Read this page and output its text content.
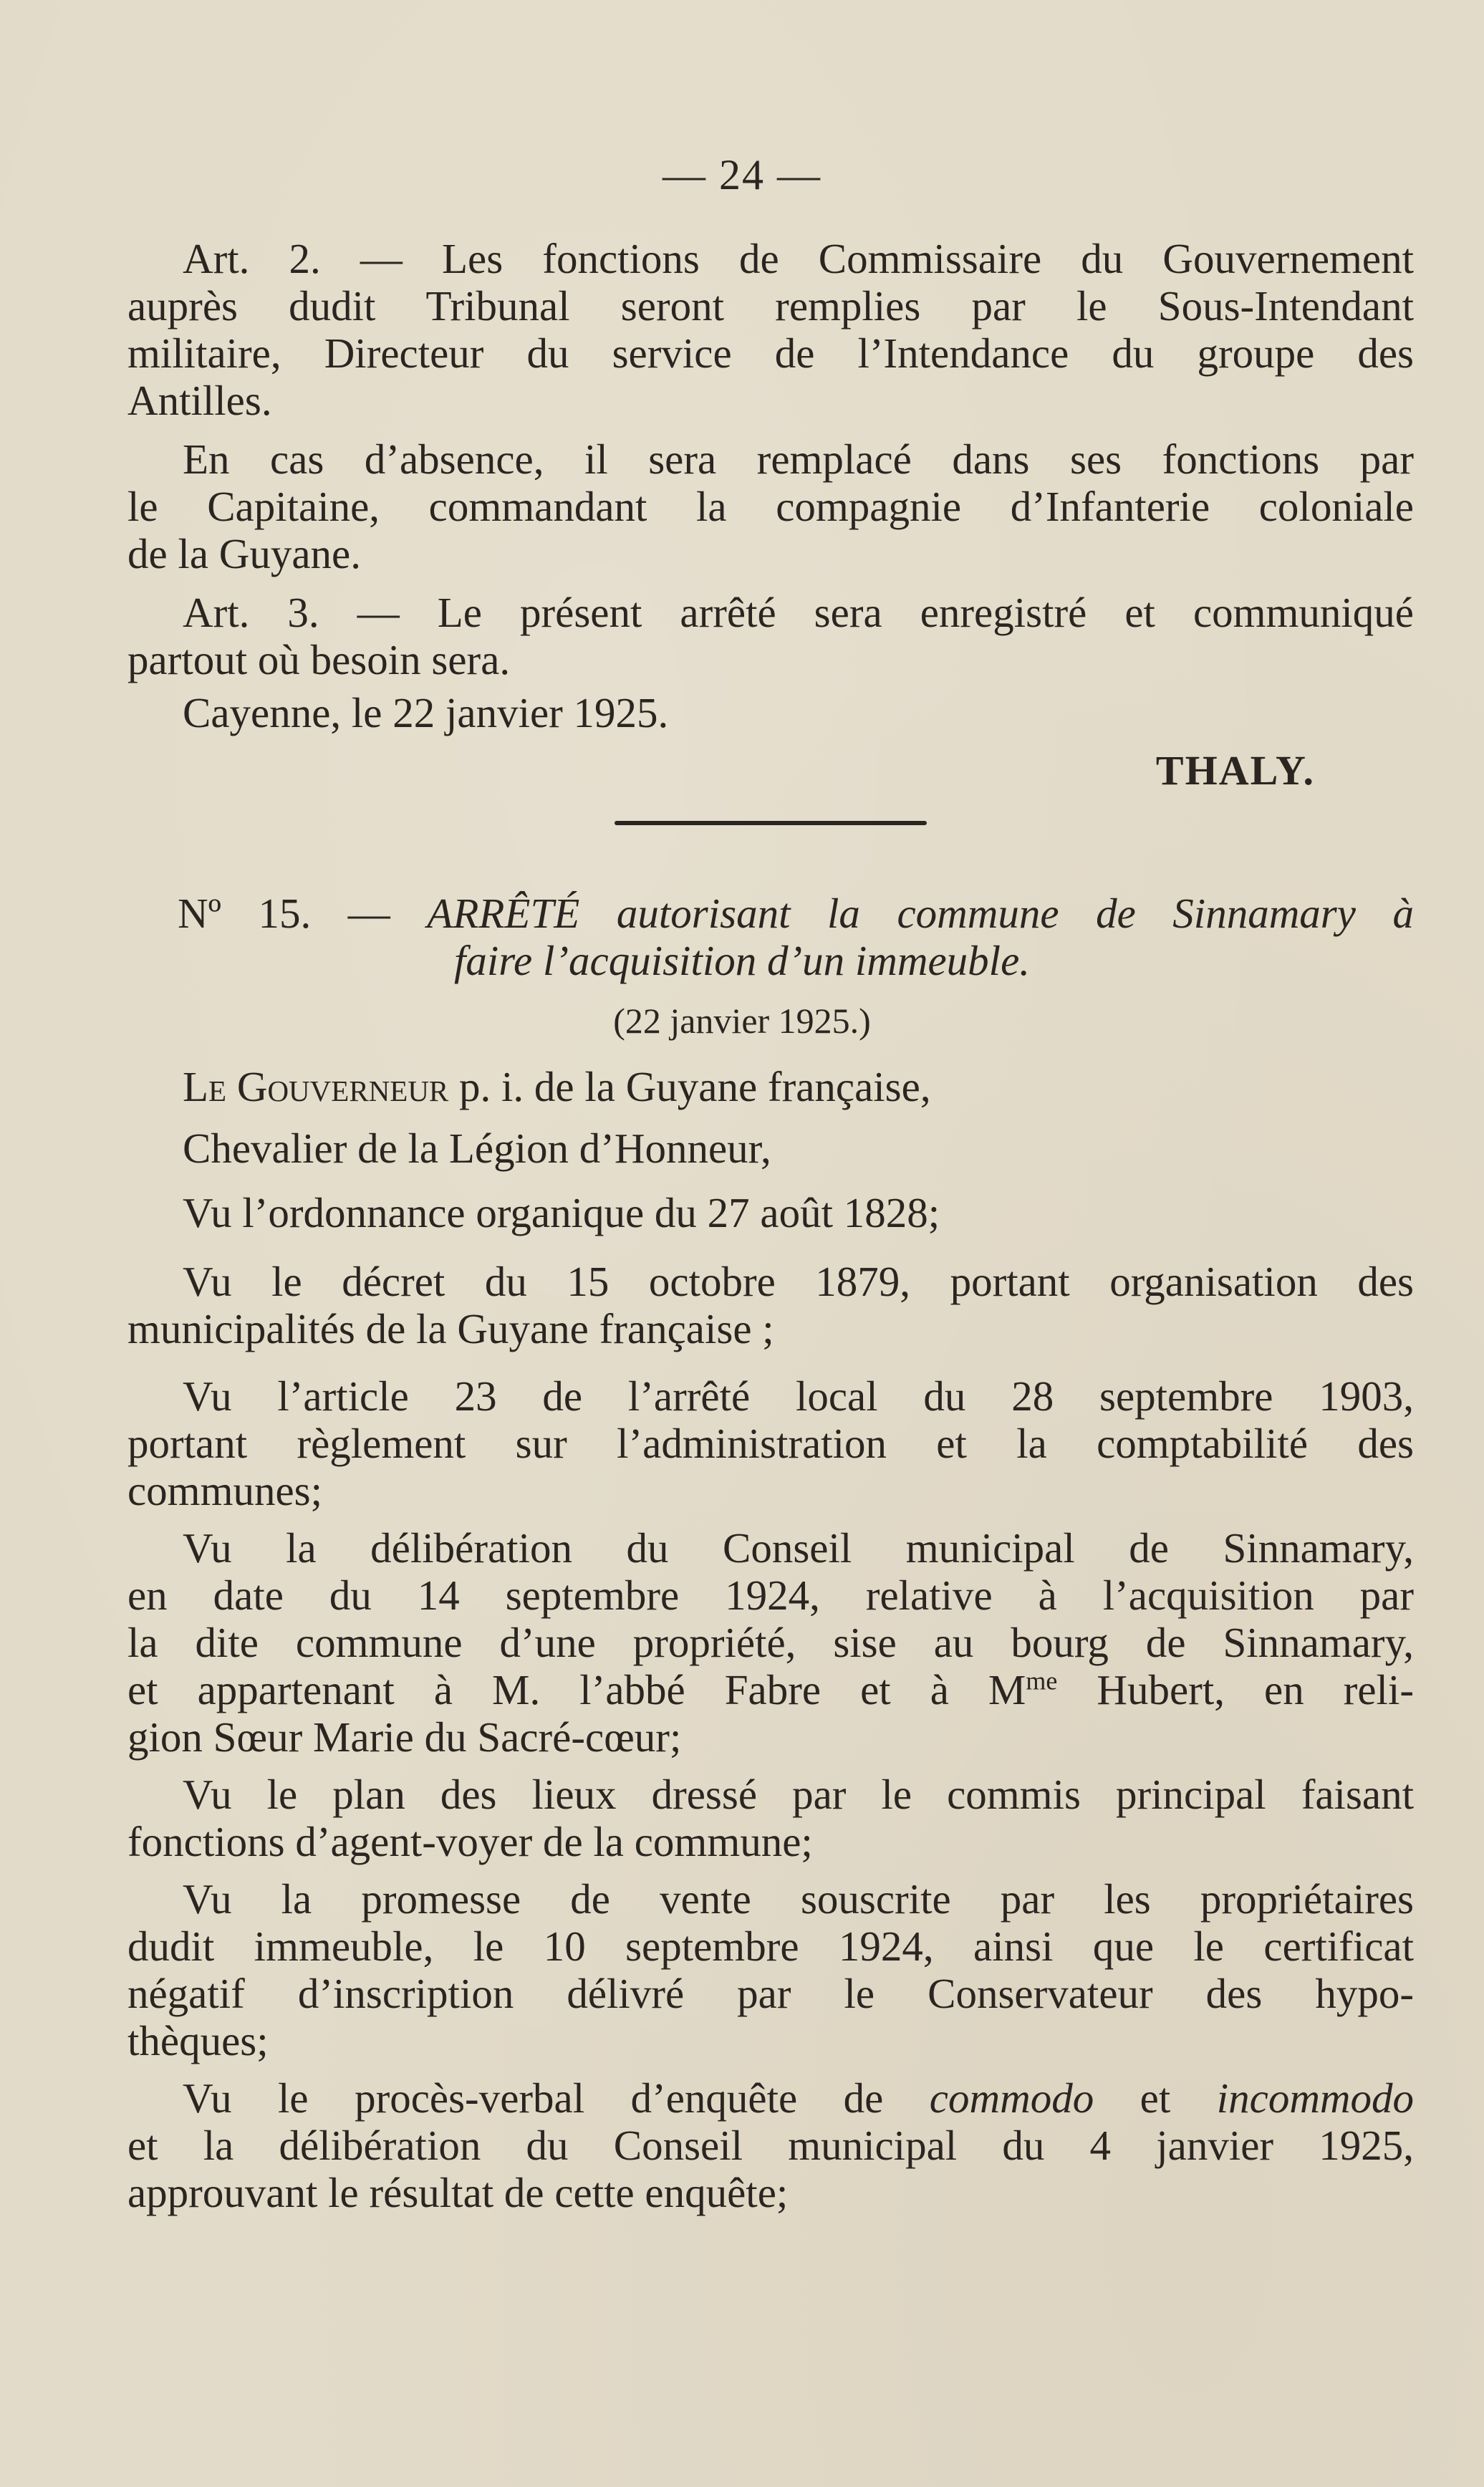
— 24 —
Art. 2. — Les fonctions de Commissaire du Gouvernement
auprès dudit Tribunal seront remplies par le Sous-Intendant
militaire, Directeur du service de l’Intendance du groupe des
Antilles.
En cas d’absence, il sera remplacé dans ses fonctions par
le Capitaine, commandant la compagnie d’Infanterie coloniale
de la Guyane.
Art. 3. — Le présent arrêté sera enregistré et communiqué
partout où besoin sera.
Cayenne, le 22 janvier 1925.
THALY.
Nº 15. — ARRÊTÉ autorisant la commune de Sinnamary à
faire l’acquisition d’un immeuble.
(22 janvier 1925.)
Le Gouverneur p. i. de la Guyane française,
Chevalier de la Légion d’Honneur,
Vu l’ordonnance organique du 27 août 1828;
Vu le décret du 15 octobre 1879, portant organisation des
municipalités de la Guyane française ;
Vu l’article 23 de l’arrêté local du 28 septembre 1903,
portant règlement sur l’administration et la comptabilité des
communes;
Vu la délibération du Conseil municipal de Sinnamary,
en date du 14 septembre 1924, relative à l’acquisition par
la dite commune d’une propriété, sise au bourg de Sinnamary,
et appartenant à M. l’abbé Fabre et à $M^{me}$ Hubert, en reli-
gion Sœur Marie du Sacré-cœur;
Vu le plan des lieux dressé par le commis principal faisant
fonctions d’agent-voyer de la commune;
Vu la promesse de vente souscrite par les propriétaires
dudit immeuble, le 10 septembre 1924, ainsi que le certificat
négatif d’inscription délivré par le Conservateur des hypo-
thèques;
Vu le procès-verbal d’enquête de commodo et incommodo
et la délibération du Conseil municipal du 4 janvier 1925,
approuvant le résultat de cette enquête;
